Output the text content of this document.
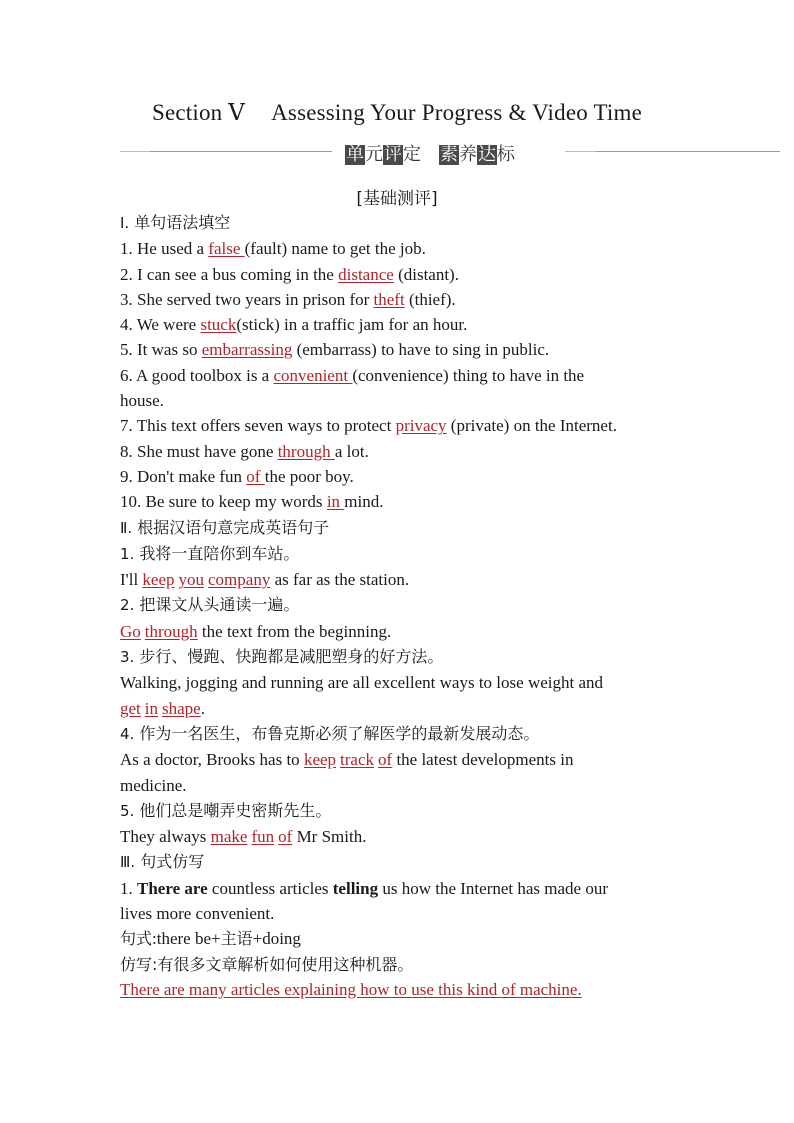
Section Ⅴ Assessing Your Progress & Video Time
单元评定 素养达标
[基础测评]
Ⅰ. 单句语法填空
1. He used a false (fault) name to get the job.
2. I can see a bus coming in the distance (distant).
3. She served two years in prison for theft (thief).
4. We were stuck(stick) in a traffic jam for an hour.
5. It was so embarrassing (embarrass) to have to sing in public.
6. A good toolbox is a convenient (convenience) thing to have in the
house.
7. This text offers seven ways to protect privacy (private) on the Internet.
8. She must have gone through a lot.
9. Don't make fun of the poor boy.
10. Be sure to keep my words in mind.
Ⅱ. 根据汉语句意完成英语句子
1. 我将一直陪你到车站。
I'll keep you company as far as the station.
2. 把课文从头通读一遍。
Go through the text from the beginning.
3. 步行、慢跑、快跑都是减肥塑身的好方法。
Walking, jogging and running are all excellent ways to lose weight and
get in shape.
4. 作为一名医生，布鲁克斯必须了解医学的最新发展动态。
As a doctor, Brooks has to keep track of the latest developments in
medicine.
5. 他们总是嘲弄史密斯先生。
They always make fun of Mr Smith.
Ⅲ. 句式仿写
1. There are countless articles telling us how the Internet has made our
lives more convenient.
句式:there be+主语+doing
仿写:有很多文章解析如何使用这种机器。
There are many articles explaining how to use this kind of machine.
